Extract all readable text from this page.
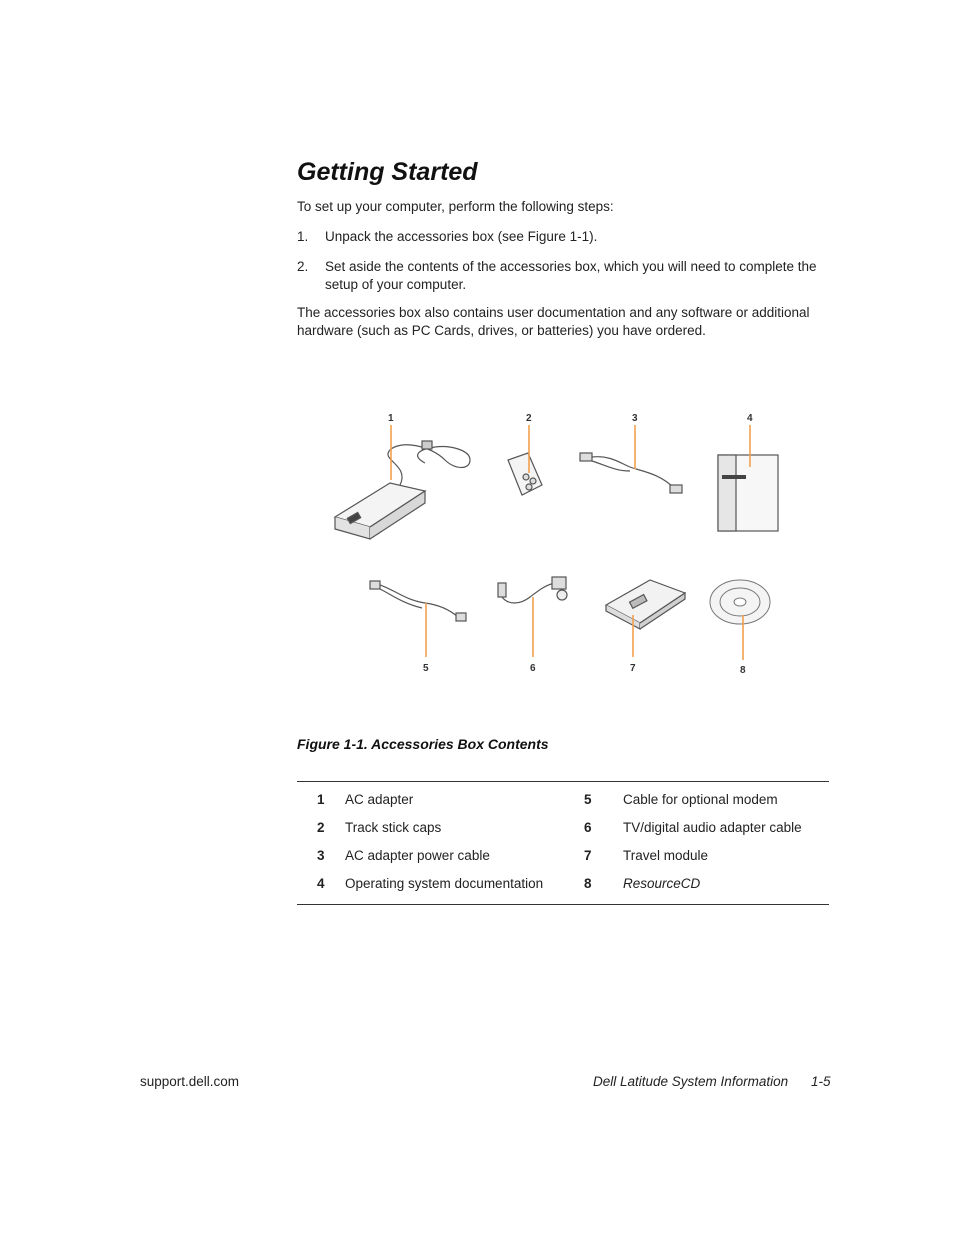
Getting Started

To set up your computer, perform the following steps:

1. Unpack the accessories box (see Figure 1-1).
2. Set aside the contents of the accessories box, which you will need to complete the setup of your computer.

The accessories box also contains user documentation and any software or additional hardware (such as PC Cards, drives, or batteries) you have ordered.

1	2	3	4
5	6	7	8

Figure 1-1. Accessories Box Contents

1 AC adapter	5 Cable for optional modem
2 Track stick caps	6 TV/digital audio adapter cable
3 AC adapter power cable	7 Travel module
4 Operating system documentation	8 ResourceCD
support.dell.com	Dell Latitude System Information 1-5
